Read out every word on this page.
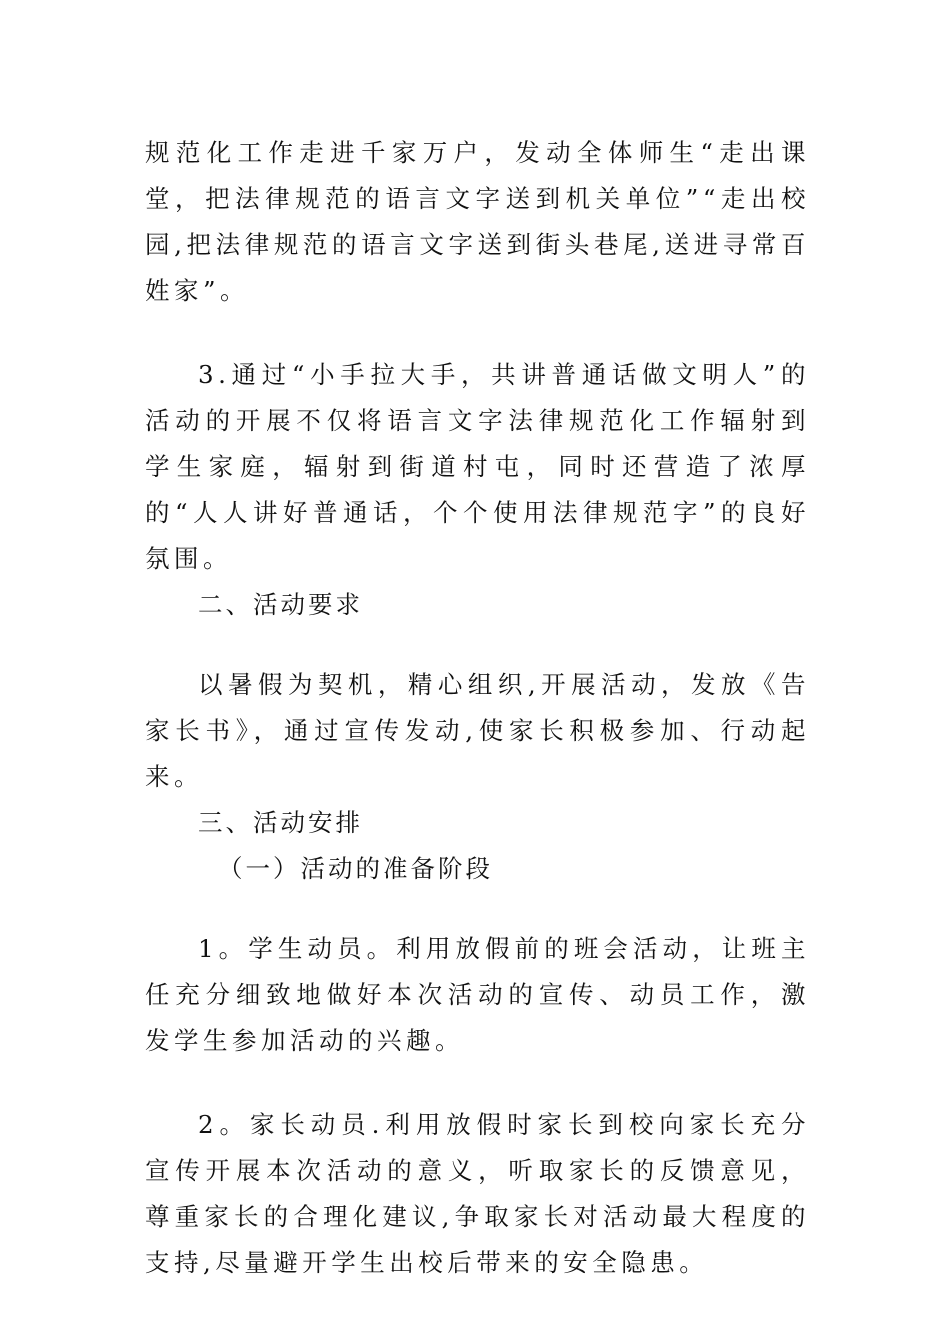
规范化工作走进千家万户，发动全体师生“走出课堂，把法律规范的语言文字送到机关单位”“走出校园,把法律规范的语言文字送到街头巷尾,送进寻常百姓家”。

3.通过“小手拉大手，共讲普通话做文明人”的活动的开展不仅将语言文字法律规范化工作辐射到学生家庭，辐射到街道村屯，同时还营造了浓厚的“人人讲好普通话，个个使用法律规范字”的良好氛围。

二、活动要求

以暑假为契机，精心组织,开展活动，发放《告家长书》，通过宣传发动,使家长积极参加、行动起来。

三、活动安排
（一）活动的准备阶段

1。学生动员。利用放假前的班会活动，让班主任充分细致地做好本次活动的宣传、动员工作，激发学生参加活动的兴趣。

2。家长动员.利用放假时家长到校向家长充分宣传开展本次活动的意义，听取家长的反馈意见，尊重家长的合理化建议,争取家长对活动最大程度的支持,尽量避开学生出校后带来的安全隐患。
